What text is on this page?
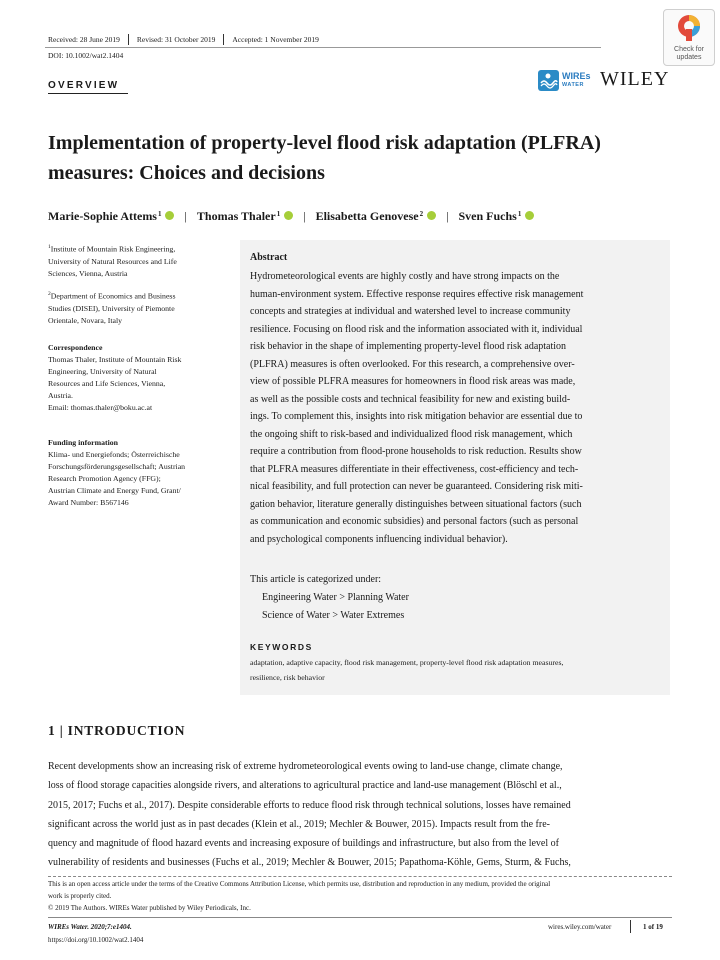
Received: 28 June 2019 Revised: 31 October 2019 Accepted: 1 November 2019
DOI: 10.1002/wat2.1404
Check for
updates
OVERVIEW
WIREs
WATER WILEY
Implementation of property-level flood risk adaptation (PLFRA) measures: Choices and decisions
Marie-Sophie Attems$^1$ | Thomas Thaler$^1$ | Elisabetta Genovese$^2$ | Sven Fuchs$^1$
$^1$Institute of Mountain Risk Engineering,
University of Natural Resources and Life
Sciences, Vienna, Austria
$^2$Department of Economics and Business
Studies (DISEI), University of Piemonte
Orientale, Novara, Italy
Correspondence
Thomas Thaler, Institute of Mountain Risk
Engineering, University of Natural
Resources and Life Sciences, Vienna,
Austria.
Email: thomas.thaler@boku.ac.at
Funding information
Klima- und Energiefonds; Österreichische
Forschungsförderungsgesellschaft; Austrian
Research Promotion Agency (FFG);
Austrian Climate and Energy Fund, Grant/
Award Number: B567146
Abstract
Hydrometeorological events are highly costly and have strong impacts on the
human-environment system. Effective response requires effective risk management
concepts and strategies at individual and watershed level to increase community
resilience. Focusing on flood risk and the information associated with it, individual
risk behavior in the shape of implementing property-level flood risk adaptation
(PLFRA) measures is often overlooked. For this research, a comprehensive over-
view of possible PLFRA measures for homeowners in flood risk areas was made,
as well as the possible costs and technical feasibility for new and existing build-
ings. To complement this, insights into risk mitigation behavior are essential due to
the ongoing shift to risk-based and individualized flood risk management, which
require a contribution from flood-prone households to risk reduction. Results show
that PLFRA measures differentiate in their effectiveness, cost-efficiency and tech-
nical feasibility, and full protection can never be guaranteed. Considering risk miti-
gation behavior, literature generally distinguishes between situational factors (such
as communication and economic subsidies) and personal factors (such as personal
and psychological components influencing individual behavior).
This article is categorized under:
Engineering Water > Planning Water
Science of Water > Water Extremes
KEYWORDS
adaptation, adaptive capacity, flood risk management, property-level flood risk adaptation measures,
resilience, risk behavior
1 | INTRODUCTION
Recent developments show an increasing risk of extreme hydrometeorological events owing to land-use change, climate change,
loss of flood storage capacities alongside rivers, and alterations to agricultural practice and land-use management (Blöschl et al.,
2015, 2017; Fuchs et al., 2017). Despite considerable efforts to reduce flood risk through technical solutions, losses have remained
significant across the world just as in past decades (Klein et al., 2019; Mechler & Bouwer, 2015). Impacts result from the fre-
quency and magnitude of flood hazard events and increasing exposure of buildings and infrastructure, but also from the level of
vulnerability of residents and businesses (Fuchs et al., 2019; Mechler & Bouwer, 2015; Papathoma-Köhle, Gems, Sturm, & Fuchs,
This is an open access article under the terms of the Creative Commons Attribution License, which permits use, distribution and reproduction in any medium, provided the original
work is properly cited.
© 2019 The Authors. WIREs Water published by Wiley Periodicals, Inc.
WIREs Water. 2020;7:e1404.
https://doi.org/10.1002/wat2.1404
wires.wiley.com/water	1 of 19
